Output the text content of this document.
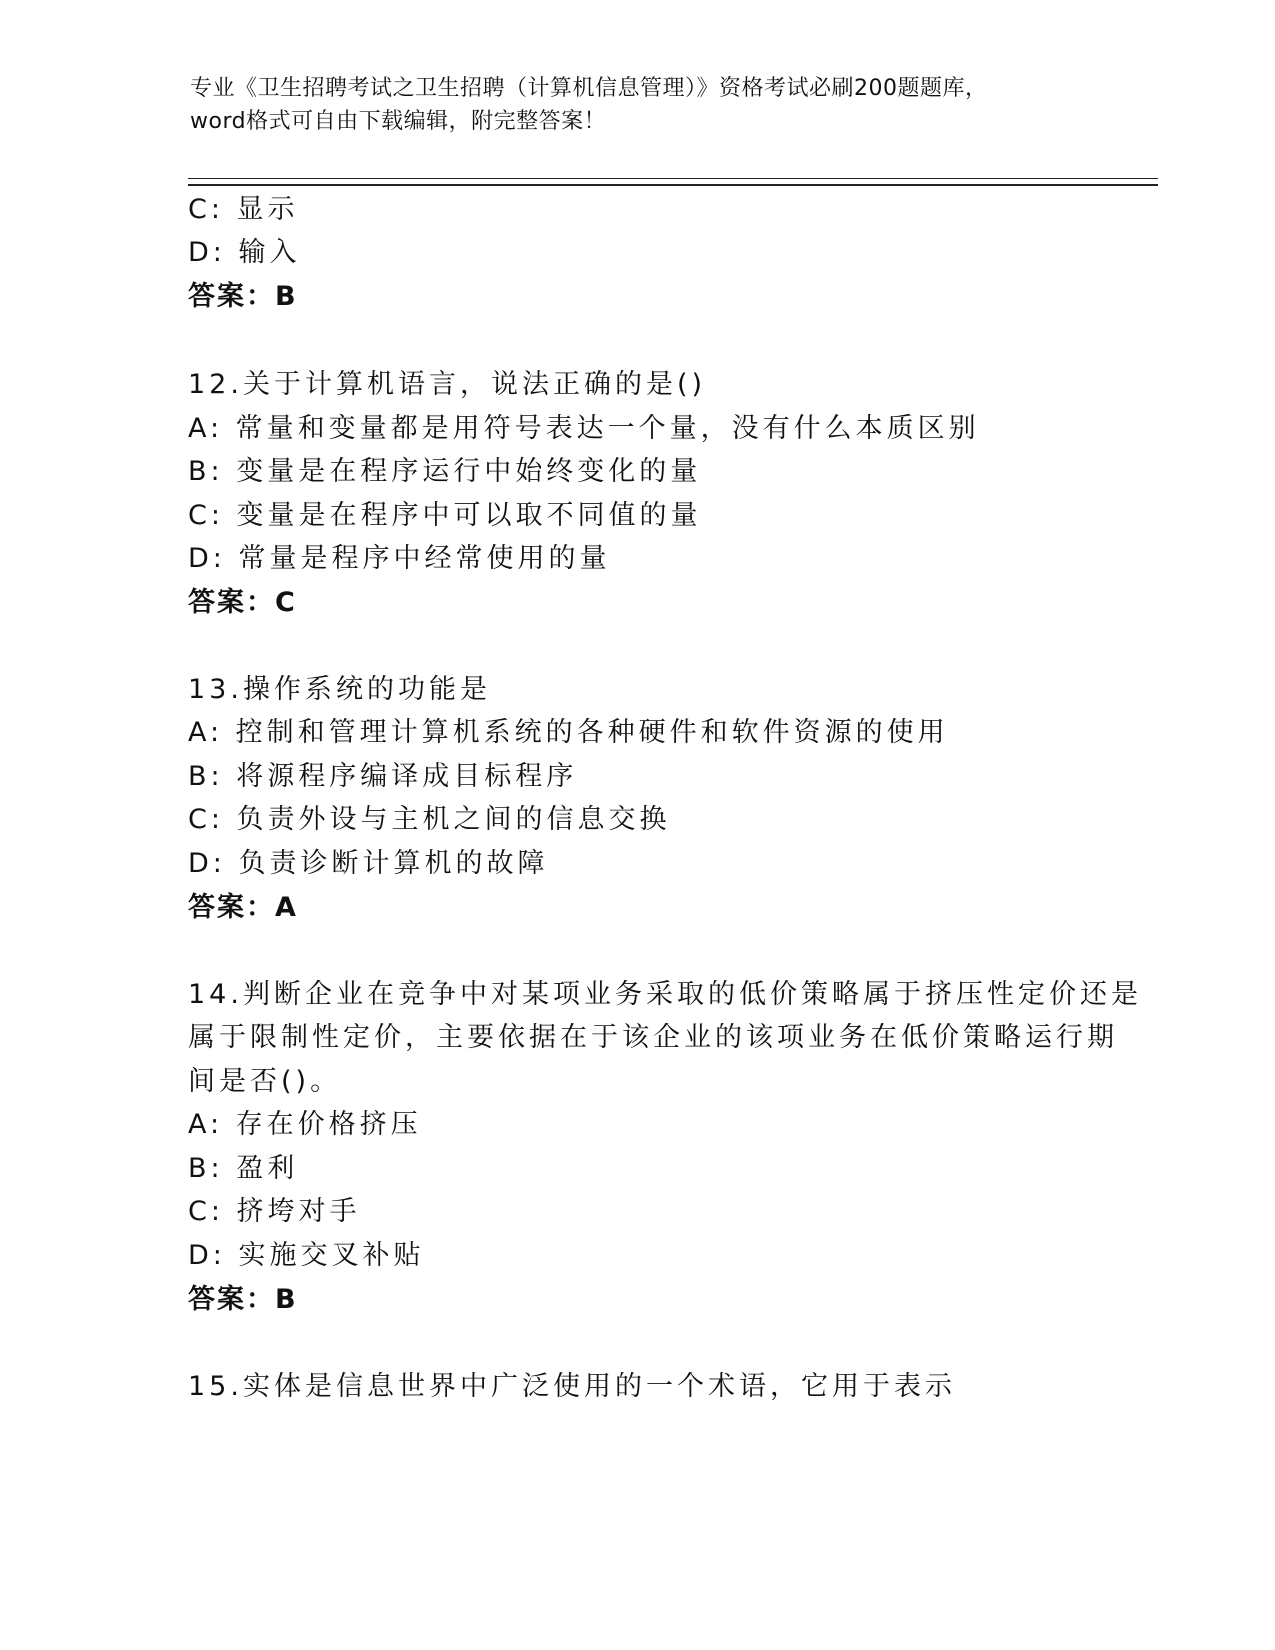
专业《卫生招聘考试之卫生招聘（计算机信息管理）》资格考试必刷200题题库，
word格式可自由下载编辑，附完整答案！
C: 显示
D: 输入
答案：B
12.关于计算机语言，说法正确的是()
A: 常量和变量都是用符号表达一个量，没有什么本质区别
B: 变量是在程序运行中始终变化的量
C: 变量是在程序中可以取不同值的量
D: 常量是程序中经常使用的量
答案：C
13.操作系统的功能是
A: 控制和管理计算机系统的各种硬件和软件资源的使用
B: 将源程序编译成目标程序
C: 负责外设与主机之间的信息交换
D: 负责诊断计算机的故障
答案：A
14.判断企业在竞争中对某项业务采取的低价策略属于挤压性定价还是
属于限制性定价，主要依据在于该企业的该项业务在低价策略运行期
间是否()。
A: 存在价格挤压
B: 盈利
C: 挤垮对手
D: 实施交叉补贴
答案：B
15.实体是信息世界中广泛使用的一个术语，它用于表示
